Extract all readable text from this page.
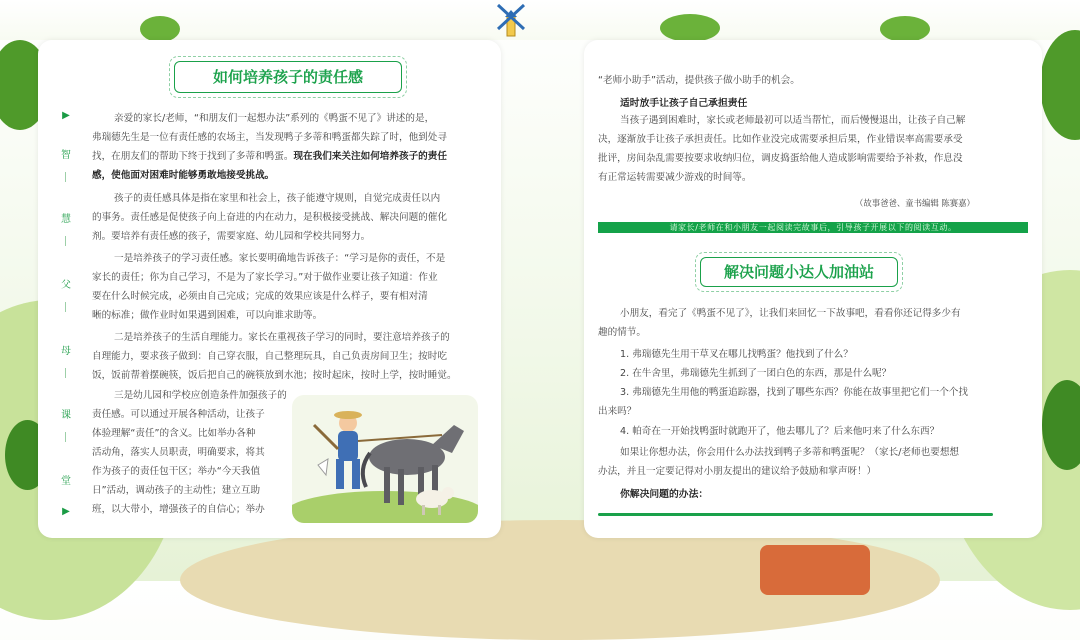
▶
智
慧
父
母
课
堂
▶
如何培养孩子的责任感
亲爱的家长/老师，“和朋友们一起想办法”系列的《鸭蛋不见了》讲述的是，
弗瑞德先生是一位有责任感的农场主，当发现鸭子多蒂和鸭蛋都失踪了时，他到处寻
找，在朋友们的帮助下终于找到了多蒂和鸭蛋。现在我们来关注如何培养孩子的责任
感，使他面对困难时能够勇敢地接受挑战。
孩子的责任感具体是指在家里和社会上，孩子能遵守规则，自觉完成责任以内
的事务。责任感是促使孩子向上奋进的内在动力，是积极接受挑战、解决问题的催化
剂。要培养有责任感的孩子，需要家庭、幼儿园和学校共同努力。
一是培养孩子的学习责任感。家长要明确地告诉孩子：“学习是你的责任，不是
家长的责任；你为自己学习，不是为了家长学习。”对于做作业要让孩子知道：作业
要在什么时候完成，必须由自己完成；完成的效果应该是什么样子，要有相对清
晰的标准；做作业时如果遇到困难，可以向谁求助等。
二是培养孩子的生活自理能力。家长在重视孩子学习的同时，要注意培养孩子的
自理能力，要求孩子做到：自己穿衣服，自己整理玩具，自己负责房间卫生；按时吃
饭，饭前帮着摆碗筷，饭后把自己的碗筷放到水池；按时起床，按时上学，按时睡觉。
三是幼儿园和学校应创造条件加强孩子的
责任感。可以通过开展各种活动，让孩子
体验理解“责任”的含义。比如举办各种
活动角，落实人员职责，明确要求，将其
作为孩子的责任包干区；举办“今天我值
日”活动，调动孩子的主动性；建立互助
班，以大带小，增强孩子的自信心；举办
“老师小助手”活动，提供孩子做小助手的机会。
适时放手让孩子自己承担责任
当孩子遇到困难时，家长或老师最初可以适当帮忙，而后慢慢退出，让孩子自己解
决，逐渐放手让孩子承担责任。比如作业没完成需要承担后果，作业错误率高需要承受
批评，房间杂乱需要按要求收纳归位，调皮捣蛋给他人造成影响需要给予补救，作息没
有正常运转需要减少游戏的时间等。
（故事爸爸、童书编辑 陈赛嘉）
请家长/老师在和小朋友一起阅读完故事后，引导孩子开展以下的阅读互动。
解决问题小达人加油站
小朋友，看完了《鸭蛋不见了》，让我们来回忆一下故事吧，看看你还记得多少有
趣的情节。
1. 弗瑞德先生用干草叉在哪儿找鸭蛋？他找到了什么？
2. 在牛舍里，弗瑞德先生抓到了一团白色的东西，那是什么呢？
3. 弗瑞德先生用他的鸭蛋追踪器，找到了哪些东西？你能在故事里把它们一个个找
出来吗？
4. 帕奇在一开始找鸭蛋时就跑开了，他去哪儿了？后来他叼来了什么东西？
如果让你想办法，你会用什么办法找到鸭子多蒂和鸭蛋呢？（家长/老师也要想想
办法，并且一定要记得对小朋友提出的建议给予鼓励和掌声呀！）
你解决问题的办法：
